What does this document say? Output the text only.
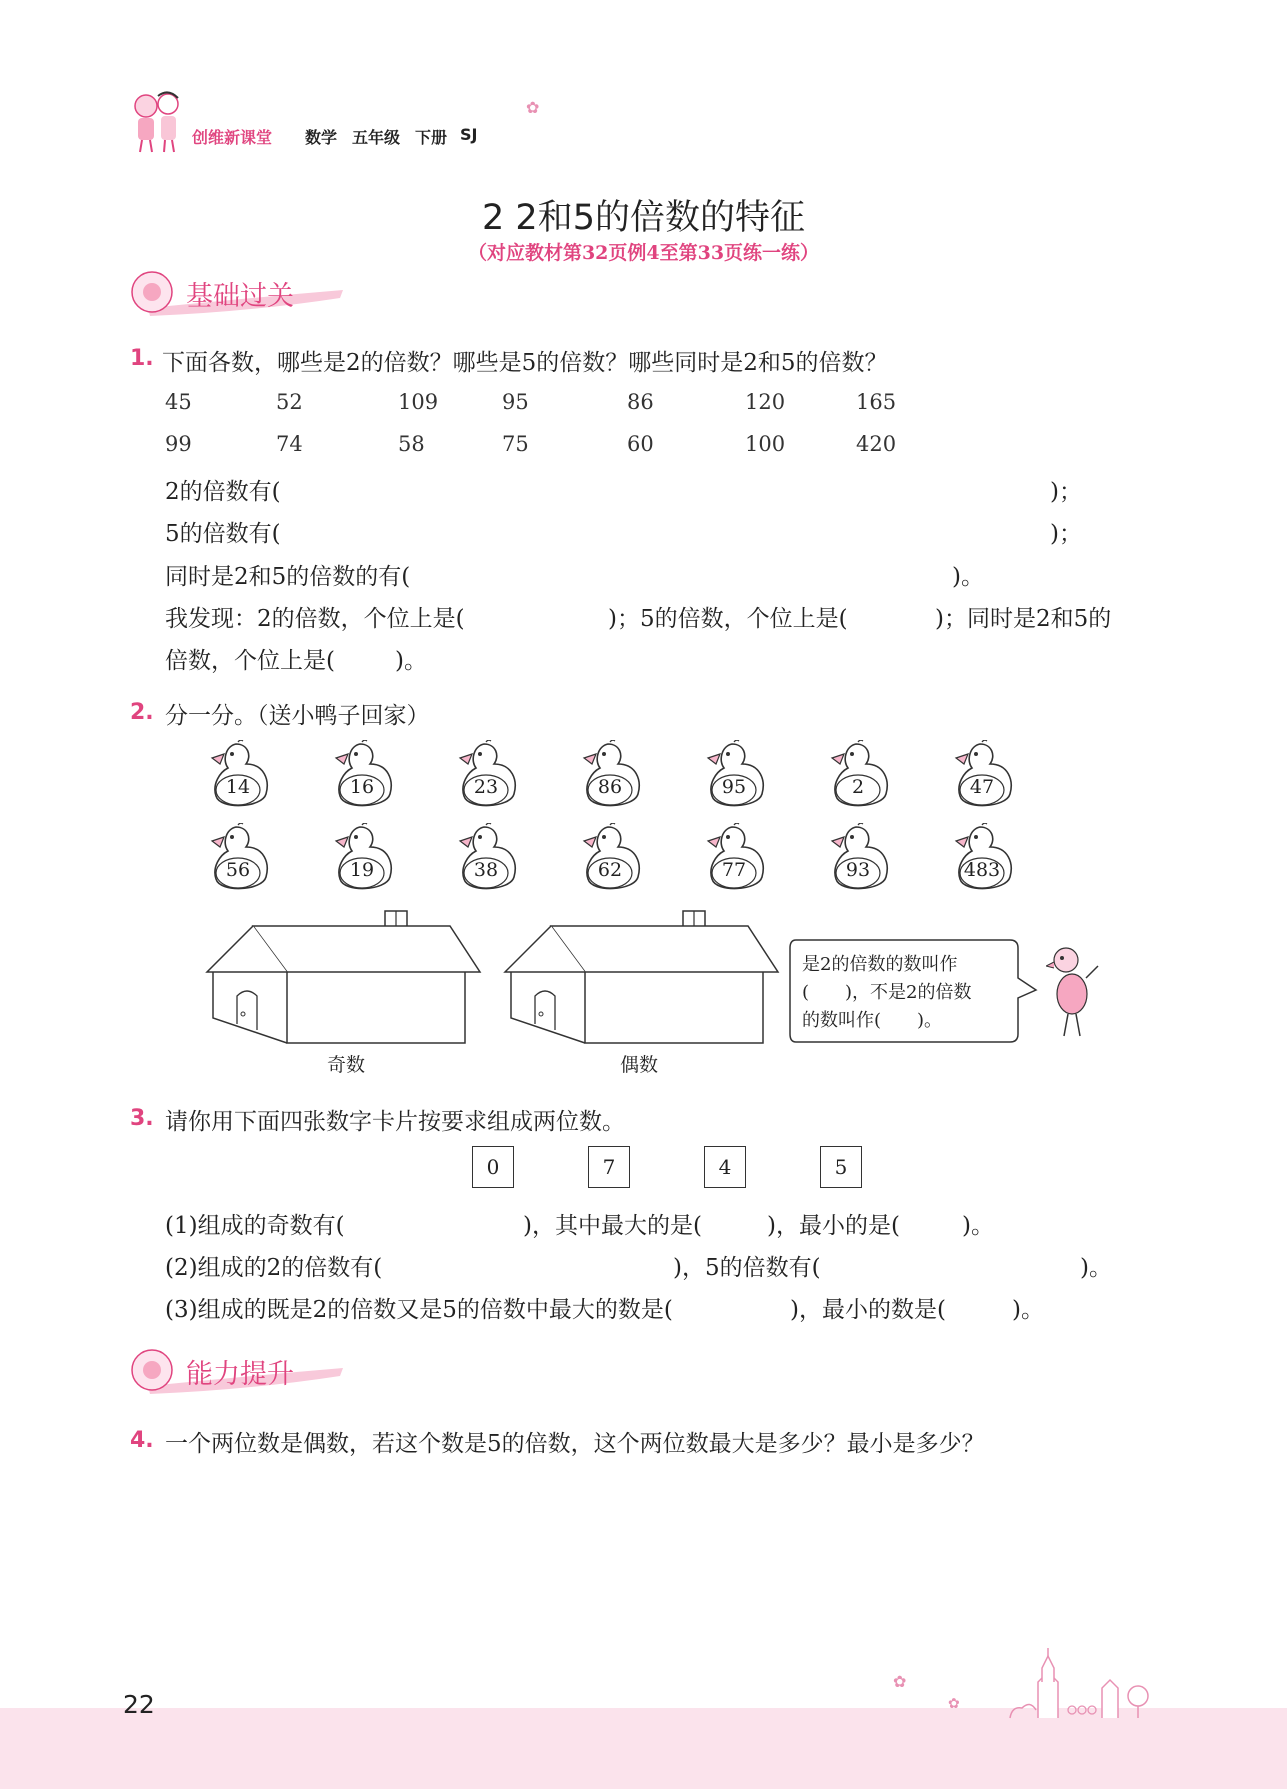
创维新课堂 数学 五年级 下册 SJ
✿
2 2和5的倍数的特征
（对应教材第32页例4至第33页练一练）
基础过关
1. 下面各数，哪些是2的倍数？哪些是5的倍数？哪些同时是2和5的倍数？
45	52	109	95	86	120	165
99	74	58	75	60	100	420
2的倍数有(	)；
5的倍数有(	)；
同时是2和5的倍数的有(	)。
我发现：2的倍数，个位上是(	)；5的倍数，个位上是(	)；同时是2和5的
倍数，个位上是(	)。
2. 分一分。（送小鸭子回家）
14	16	23	86	95	2	47
56	19	38	62	77	93	483
奇数	偶数
是2的倍数的数叫作
(　　)，不是2的倍数
的数叫作(　　)。
3. 请你用下面四张数字卡片按要求组成两位数。
0	7	4	5
(1)组成的奇数有(	)，其中最大的是(	)，最小的是(	)。
(2)组成的2的倍数有(	)，5的倍数有(	)。
(3)组成的既是2的倍数又是5的倍数中最大的数是(	)，最小的数是(	)。
能力提升
4. 一个两位数是偶数，若这个数是5的倍数，这个两位数最大是多少？最小是多少？
✿
✿
22
